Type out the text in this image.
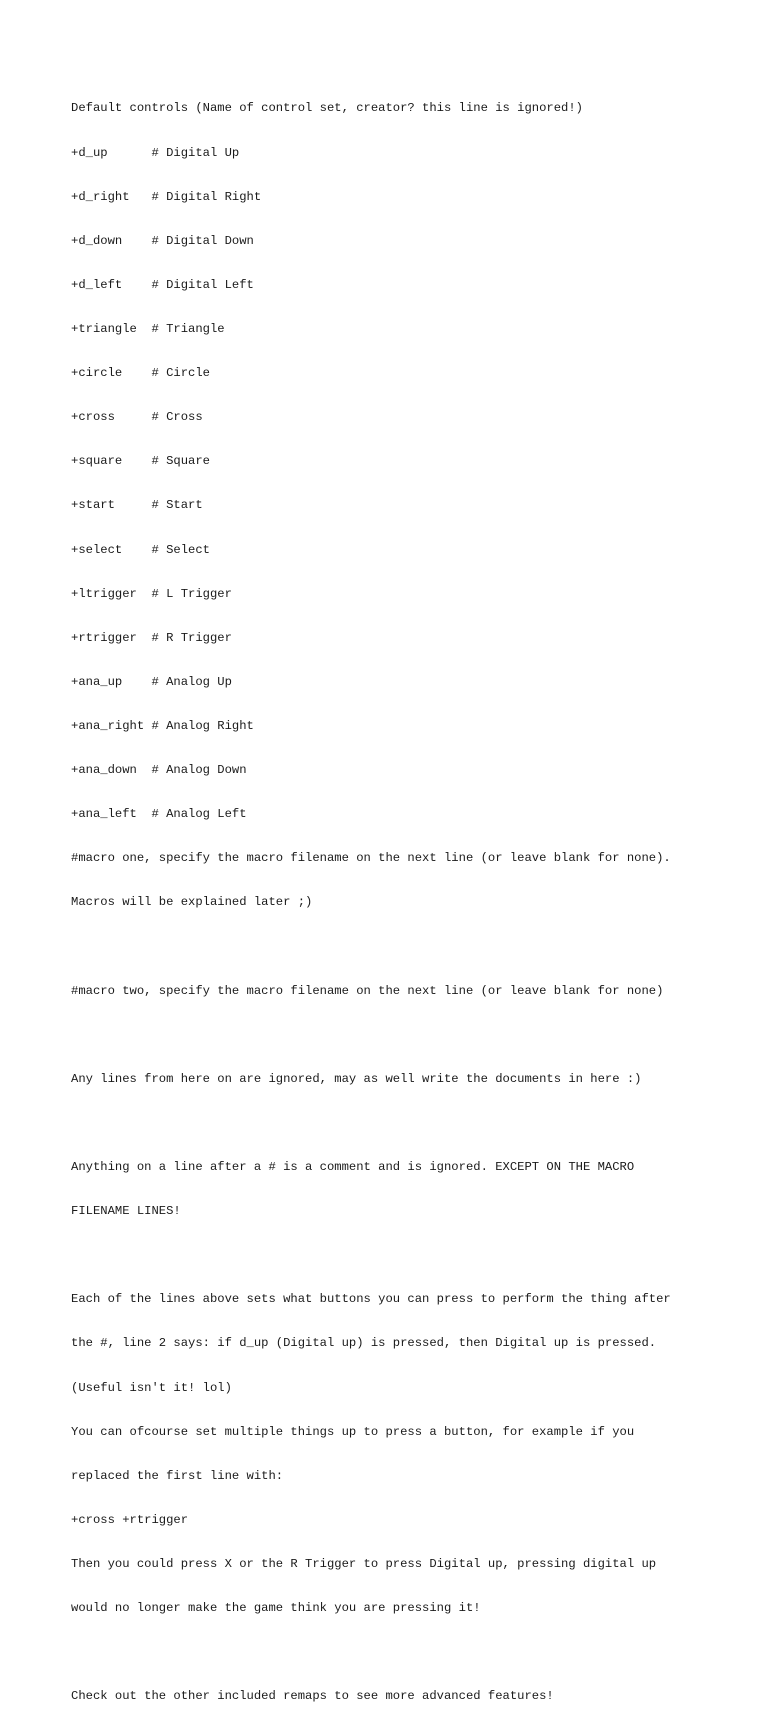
Default controls (Name of control set, creator? this line is ignored!)

+d_up      # Digital Up

+d_right   # Digital Right

+d_down    # Digital Down

+d_left    # Digital Left

+triangle  # Triangle

+circle    # Circle

+cross     # Cross

+square    # Square

+start     # Start

+select    # Select

+ltrigger  # L Trigger

+rtrigger  # R Trigger

+ana_up    # Analog Up

+ana_right # Analog Right

+ana_down  # Analog Down

+ana_left  # Analog Left

#macro one, specify the macro filename on the next line (or leave blank for none).

Macros will be explained later ;)

#macro two, specify the macro filename on the next line (or leave blank for none)

Any lines from here on are ignored, may as well write the documents in here :)

Anything on a line after a # is a comment and is ignored. EXCEPT ON THE MACRO

FILENAME LINES!

Each of the lines above sets what buttons you can press to perform the thing after

the #, line 2 says: if d_up (Digital up) is pressed, then Digital up is pressed.

(Useful isn't it! lol)

You can ofcourse set multiple things up to press a button, for example if you

replaced the first line with:

+cross +rtrigger

Then you could press X or the R Trigger to press Digital up, pressing digital up

would no longer make the game think you are pressing it!

Check out the other included remaps to see more advanced features!
